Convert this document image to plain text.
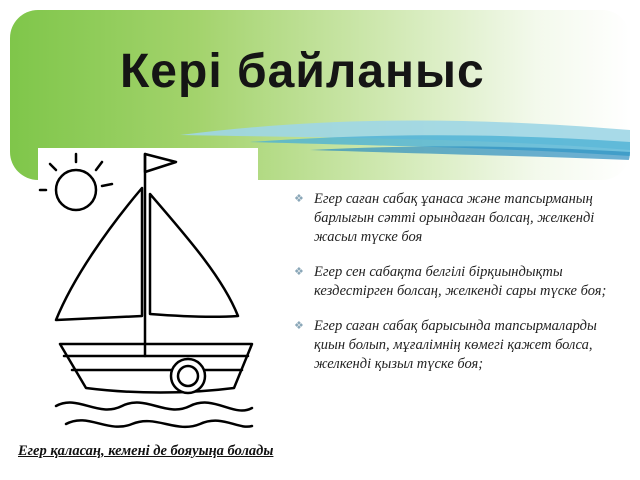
Кері байланыс
❖ Егер саған сабақ ұанаса және тапсырманың барлығын сәтті орындаған болсаң, желкенді жасыл түске боя
❖ Егер сен сабақта белгілі бірқиындықты кездестірген болсаң, желкенді сары түске боя;
❖ Егер саған сабақ барысында тапсырмаларды қиын болып, мұғалімнің көмегі қажет болса, желкенді қызыл түске боя;
Егер қаласаң, кемені де бояуыңа болады
